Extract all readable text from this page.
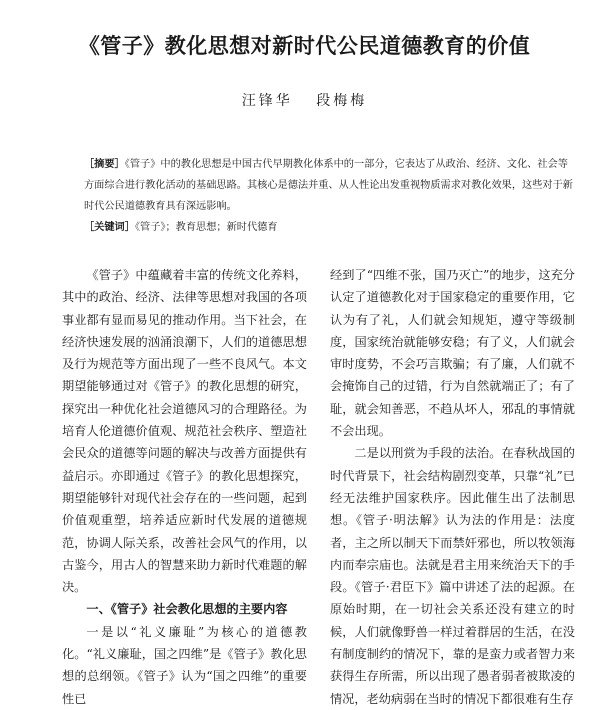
《管子》教化思想对新时代公民道德教育的价值
汪锋华 段梅梅

［摘要］《管子》中的教化思想是中国古代早期教化体系中的一部分，它表达了从政治、经济、文化、社会等方面综合进行教化活动的基础思路。其核心是德法并重、从人性论出发重视物质需求对教化效果，这些对于新时代公民道德教育具有深远影响。

［关键词］《管子》；教育思想；新时代德育

《管子》中蕴藏着丰富的传统文化养料，其中的政治、经济、法律等思想对我国的各项事业都有显而易见的推动作用。当下社会，在经济快速发展的汹涌浪潮下，人们的道德思想及行为规范等方面出现了一些不良风气。本文期望能够通过对《管子》的教化思想的研究，探究出一种优化社会道德风习的合理路径。为培育人伦道德价值观、规范社会秩序、塑造社会民众的道德等问题的解决与改善方面提供有益启示。亦即通过《管子》的教化思想探究，期望能够针对现代社会存在的一些问题，起到价值观重塑，培养适应新时代发展的道德规范，协调人际关系，改善社会风气的作用，以古鉴今，用古人的智慧来助力新时代难题的解决。

一、《管子》社会教化思想的主要内容

一是以“礼义廉耻”为核心的道德教化。“礼义廉耻，国之四维”是《管子》教化思想的总纲领。《管子》认为“国之四维”的重要性已

经到了“四维不张，国乃灭亡”的地步，这充分认定了道德教化对于国家稳定的重要作用，它认为有了礼，人们就会知规矩，遵守等级制度，国家统治就能够安稳；有了义，人们就会审时度势，不会巧言欺骗；有了廉，人们就不会掩饰自己的过错，行为自然就端正了；有了耻，就会知善恶，不趋从坏人，邪乱的事情就不会出现。

二是以刑赏为手段的法治。在春秋战国的时代背景下，社会结构剧烈变革，只靠“礼”已经无法维护国家秩序。因此催生出了法制思想。《管子·明法解》认为法的作用是：法度者，主之所以制天下而禁奸邪也，所以牧领海内而奉宗庙也。法就是君主用来统治天下的手段。《管子·君臣下》篇中讲述了法的起源。在原始时期，在一切社会关系还没有建立的时候，人们就像野兽一样过着群居的生活，在没有制度制约的情况下，靠的是蛮力或者智力来获得生存所需，所以出现了愚者弱者被欺凌的情况，老幼病弱在当时的情况下都很难有生存
